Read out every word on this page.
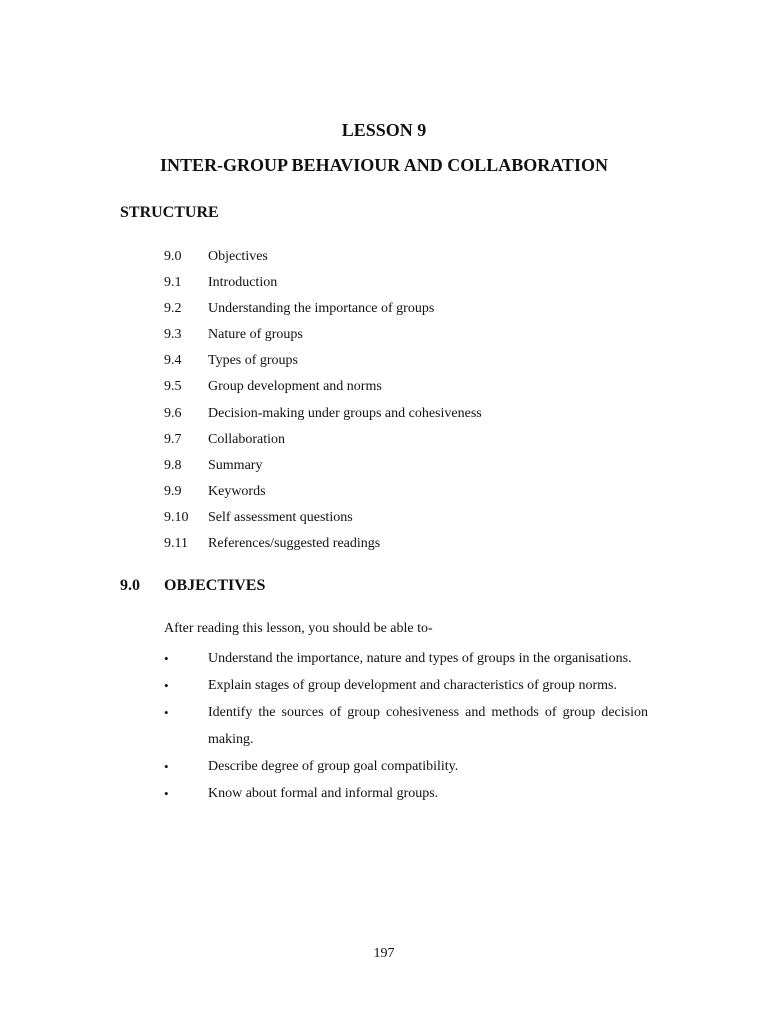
LESSON 9
INTER-GROUP BEHAVIOUR AND COLLABORATION
STRUCTURE
9.0 Objectives
9.1 Introduction
9.2 Understanding the importance of groups
9.3 Nature of groups
9.4 Types of groups
9.5 Group development and norms
9.6 Decision-making under groups and cohesiveness
9.7 Collaboration
9.8 Summary
9.9 Keywords
9.10 Self assessment questions
9.11 References/suggested readings
9.0 OBJECTIVES
After reading this lesson, you should be able to-
•	Understand the importance, nature and types of groups in the organisations.
•	Explain stages of group development and characteristics of group norms.
•	Identify the sources of group cohesiveness and methods of group decision making.
•	Describe degree of group goal compatibility.
•	Know about formal and informal groups.
197
